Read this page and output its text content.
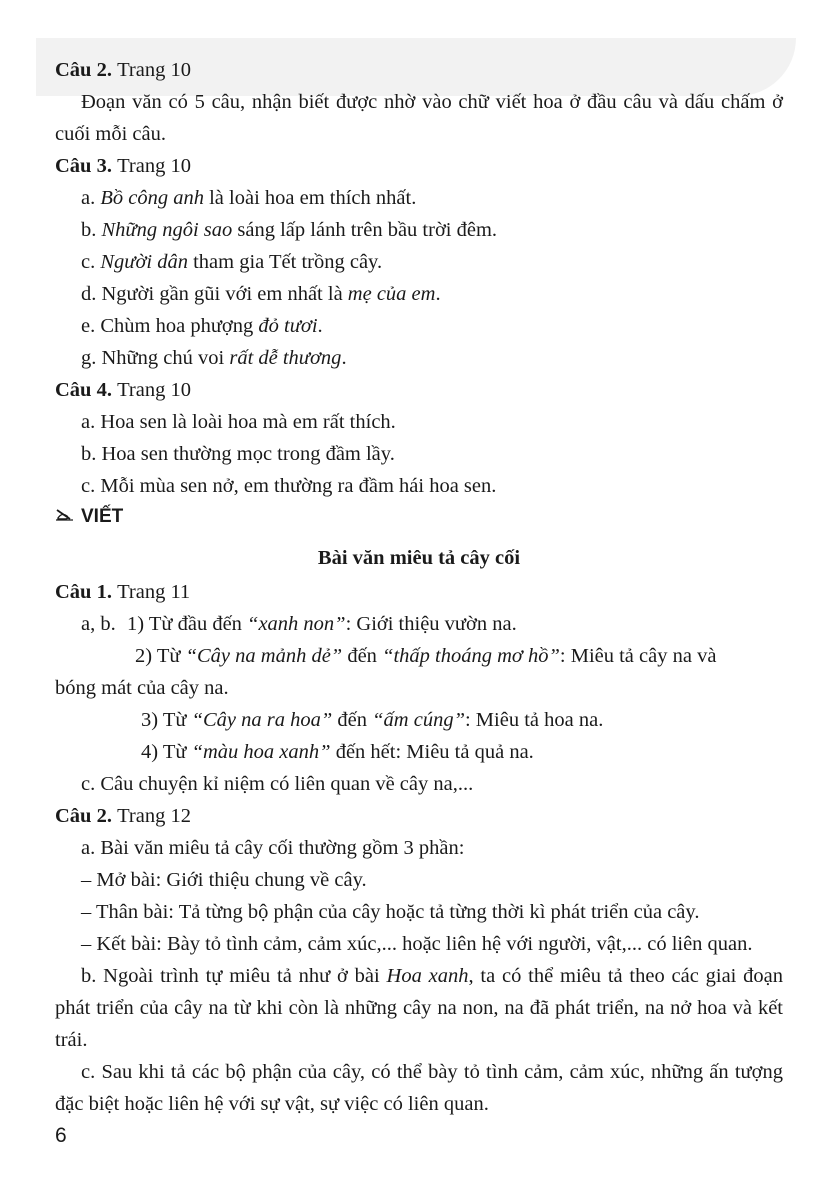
Câu 2. Trang 10
Đoạn văn có 5 câu, nhận biết được nhờ vào chữ viết hoa ở đầu câu và dấu chấm ở cuối mỗi câu.
Câu 3. Trang 10
a. Bồ công anh là loài hoa em thích nhất.
b. Những ngôi sao sáng lấp lánh trên bầu trời đêm.
c. Người dân tham gia Tết trồng cây.
d. Người gần gũi với em nhất là mẹ của em.
e. Chùm hoa phượng đỏ tươi.
g. Những chú voi rất dễ thương.
Câu 4. Trang 10
a. Hoa sen là loài hoa mà em rất thích.
b. Hoa sen thường mọc trong đầm lầy.
c. Mỗi mùa sen nở, em thường ra đầm hái hoa sen.
VIẾT
Bài văn miêu tả cây cối
Câu 1. Trang 11
a, b. 1) Từ đầu đến “xanh non”: Giới thiệu vườn na.
2) Từ “Cây na mảnh dẻ” đến “thấp thoáng mơ hồ”: Miêu tả cây na và
bóng mát của cây na.
3) Từ “Cây na ra hoa” đến “ấm cúng”: Miêu tả hoa na.
4) Từ “màu hoa xanh” đến hết: Miêu tả quả na.
c. Câu chuyện kỉ niệm có liên quan về cây na,...
Câu 2. Trang 12
a. Bài văn miêu tả cây cối thường gồm 3 phần:
– Mở bài: Giới thiệu chung về cây.
– Thân bài: Tả từng bộ phận của cây hoặc tả từng thời kì phát triển của cây.
– Kết bài: Bày tỏ tình cảm, cảm xúc,... hoặc liên hệ với người, vật,... có liên quan.
b. Ngoài trình tự miêu tả như ở bài Hoa xanh, ta có thể miêu tả theo các giai đoạn phát triển của cây na từ khi còn là những cây na non, na đã phát triển, na nở hoa và kết trái.
c. Sau khi tả các bộ phận của cây, có thể bày tỏ tình cảm, cảm xúc, những ấn tượng đặc biệt hoặc liên hệ với sự vật, sự việc có liên quan.
6
